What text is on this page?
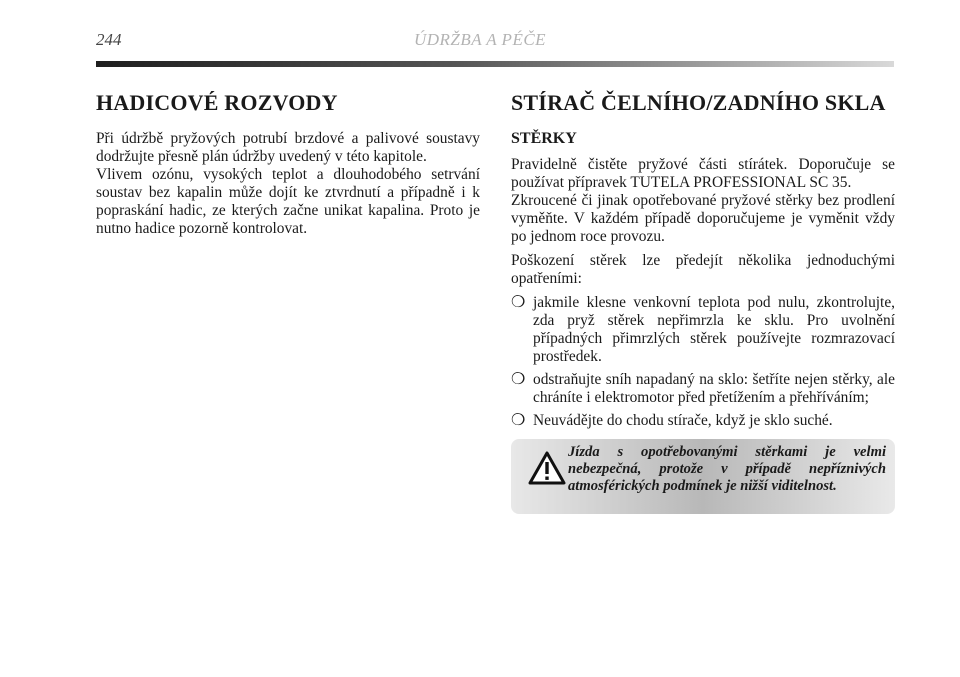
244	ÚDRŽBA A PÉČE
HADICOVÉ ROZVODY

Při údržbě pryžových potrubí brzdové a palivové soustavy dodržujte přesně plán údržby uvedený v této kapitole.

Vlivem ozónu, vysokých teplot a dlouhodobého setrvání soustav bez kapalin může dojít ke ztvrdnutí a případně i k popraskání hadic, ze kterých začne unikat kapalina. Proto je nutno hadice pozorně kontrolovat.

STÍRAČ ČELNÍHO/ZADNÍHO SKLA
STĚRKY

Pravidelně čistěte pryžové části stírátek. Doporučuje se používat přípravek TUTELA PROFESSIONAL SC 35.

Zkroucené či jinak opotřebované pryžové stěrky bez prodlení vyměňte. V každém případě doporučujeme je vyměnit vždy po jednom roce provozu.

Poškození stěrek lze předejít několika jednoduchými opatřeními:

❍ jakmile klesne venkovní teplota pod nulu, zkontrolujte, zda pryž stěrek nepřimrzla ke sklu. Pro uvolnění případných přimrzlých stěrek používejte rozmrazovací prostředek.
❍ odstraňujte sníh napadaný na sklo: šetříte nejen stěrky, ale chráníte i elektromotor před přetížením a přehříváním;
❍ Neuvádějte do chodu stírače, když je sklo suché.
Jízda s opotřebovanými stěrkami je velmi nebezpečná, protože v případě nepříznivých atmosférických podmínek je nižší viditelnost.
